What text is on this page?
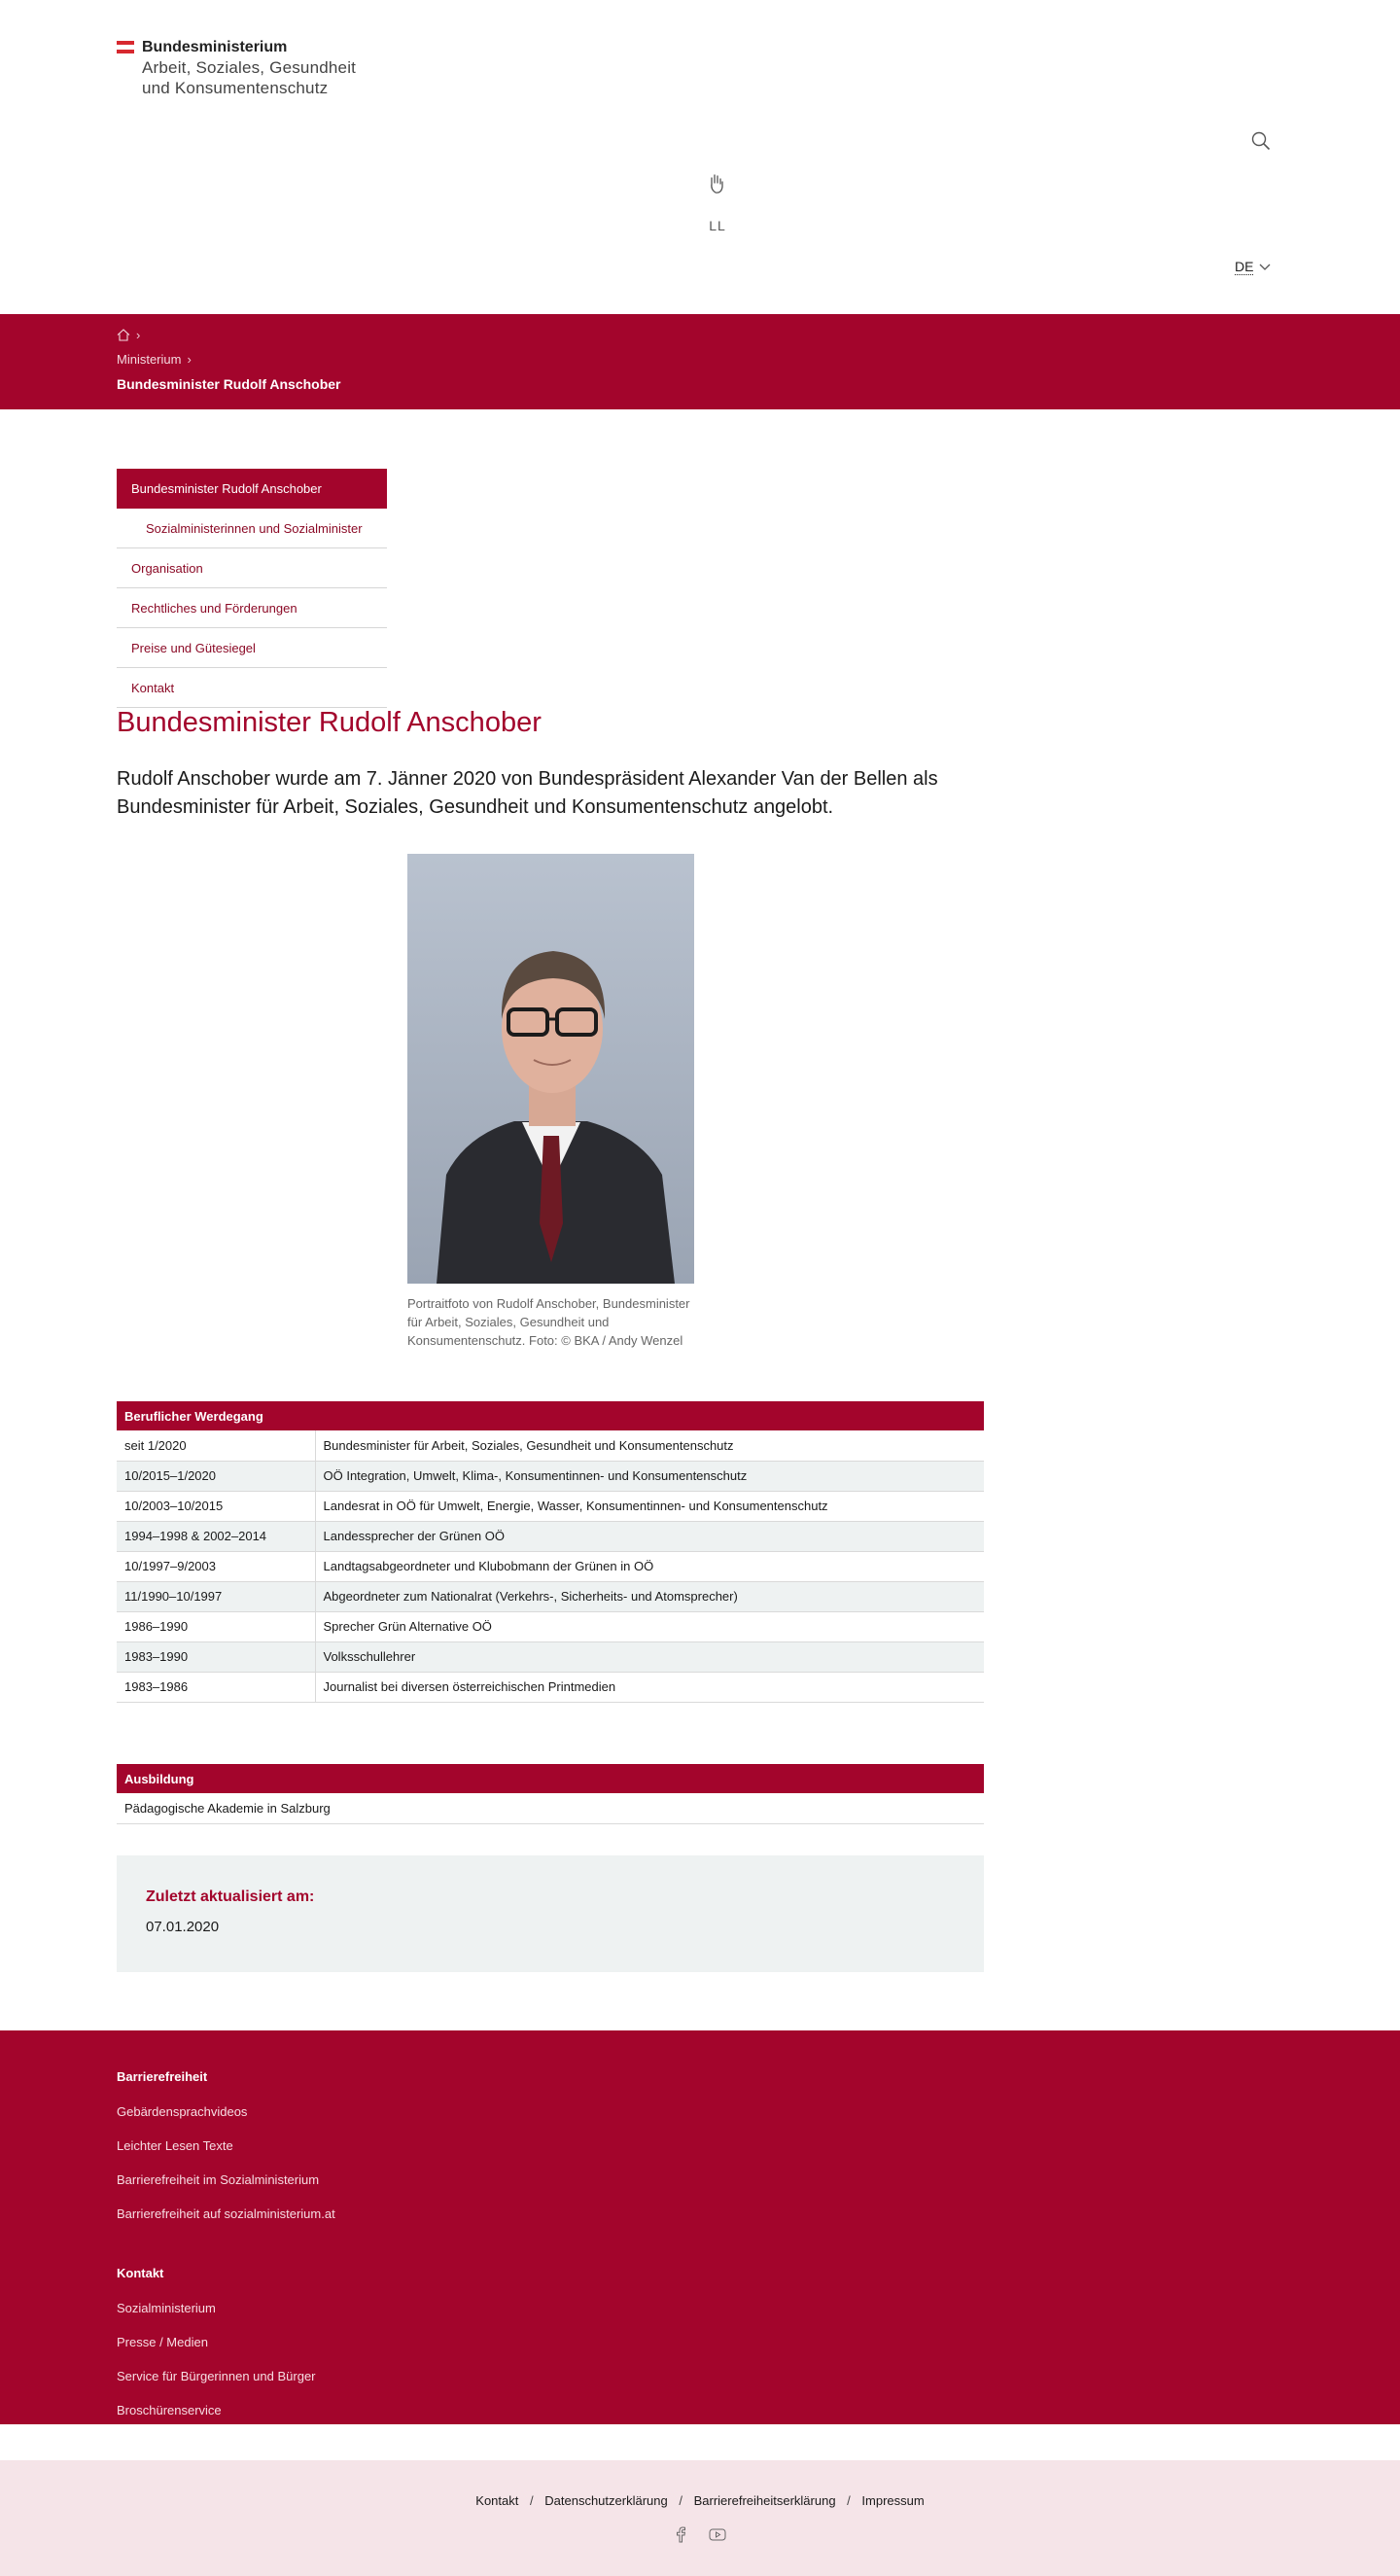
Bundesministerium
Arbeit, Soziales, Gesundheit
und Konsumentenschutz
LL
DE
›
Ministerium ›
Bundesminister Rudolf Anschober
Bundesminister Rudolf Anschober
Sozialministerinnen und Sozialminister
Organisation
Rechtliches und Förderungen
Preise und Gütesiegel
Kontakt
Bundesminister Rudolf Anschober

Rudolf Anschober wurde am 7. Jänner 2020 von Bundespräsident Alexander Van der Bellen als Bundesminister für Arbeit, Soziales, Gesundheit und Konsumentenschutz angelobt.

Portraitfoto von Rudolf Anschober, Bundesminister für Arbeit, Soziales, Gesundheit und Konsumentenschutz. Foto: © BKA / Andy Wenzel

Beruflicher Werdegang	
seit 1/2020	Bundesminister für Arbeit, Soziales, Gesundheit und Konsumentenschutz
10/2015–1/2020	OÖ Integration, Umwelt, Klima-, Konsumentinnen- und Konsumentenschutz
10/2003–10/2015	Landesrat in OÖ für Umwelt, Energie, Wasser, Konsumentinnen- und Konsumentenschutz
1994–1998 & 2002–2014	Landessprecher der Grünen OÖ
10/1997–9/2003	Landtagsabgeordneter und Klubobmann der Grünen in OÖ
11/1990–10/1997	Abgeordneter zum Nationalrat (Verkehrs-, Sicherheits- und Atomsprecher)
1986–1990	Sprecher Grün Alternative OÖ
1983–1990	Volksschullehrer
1983–1986	Journalist bei diversen österreichischen Printmedien
Ausbildung
Pädagogische Akademie in Salzburg
Zuletzt aktualisiert am:
07.01.2020
Barrierefreiheit
Gebärdensprachvideos
Leichter Lesen Texte
Barrierefreiheit im Sozialministerium
Barrierefreiheit auf sozialministerium.at
Kontakt
Sozialministerium
Presse / Medien
Service für Bürgerinnen und Bürger
Broschürenservice
Kontakt / Datenschutzerklärung / Barrierefreiheitserklärung / Impressum
